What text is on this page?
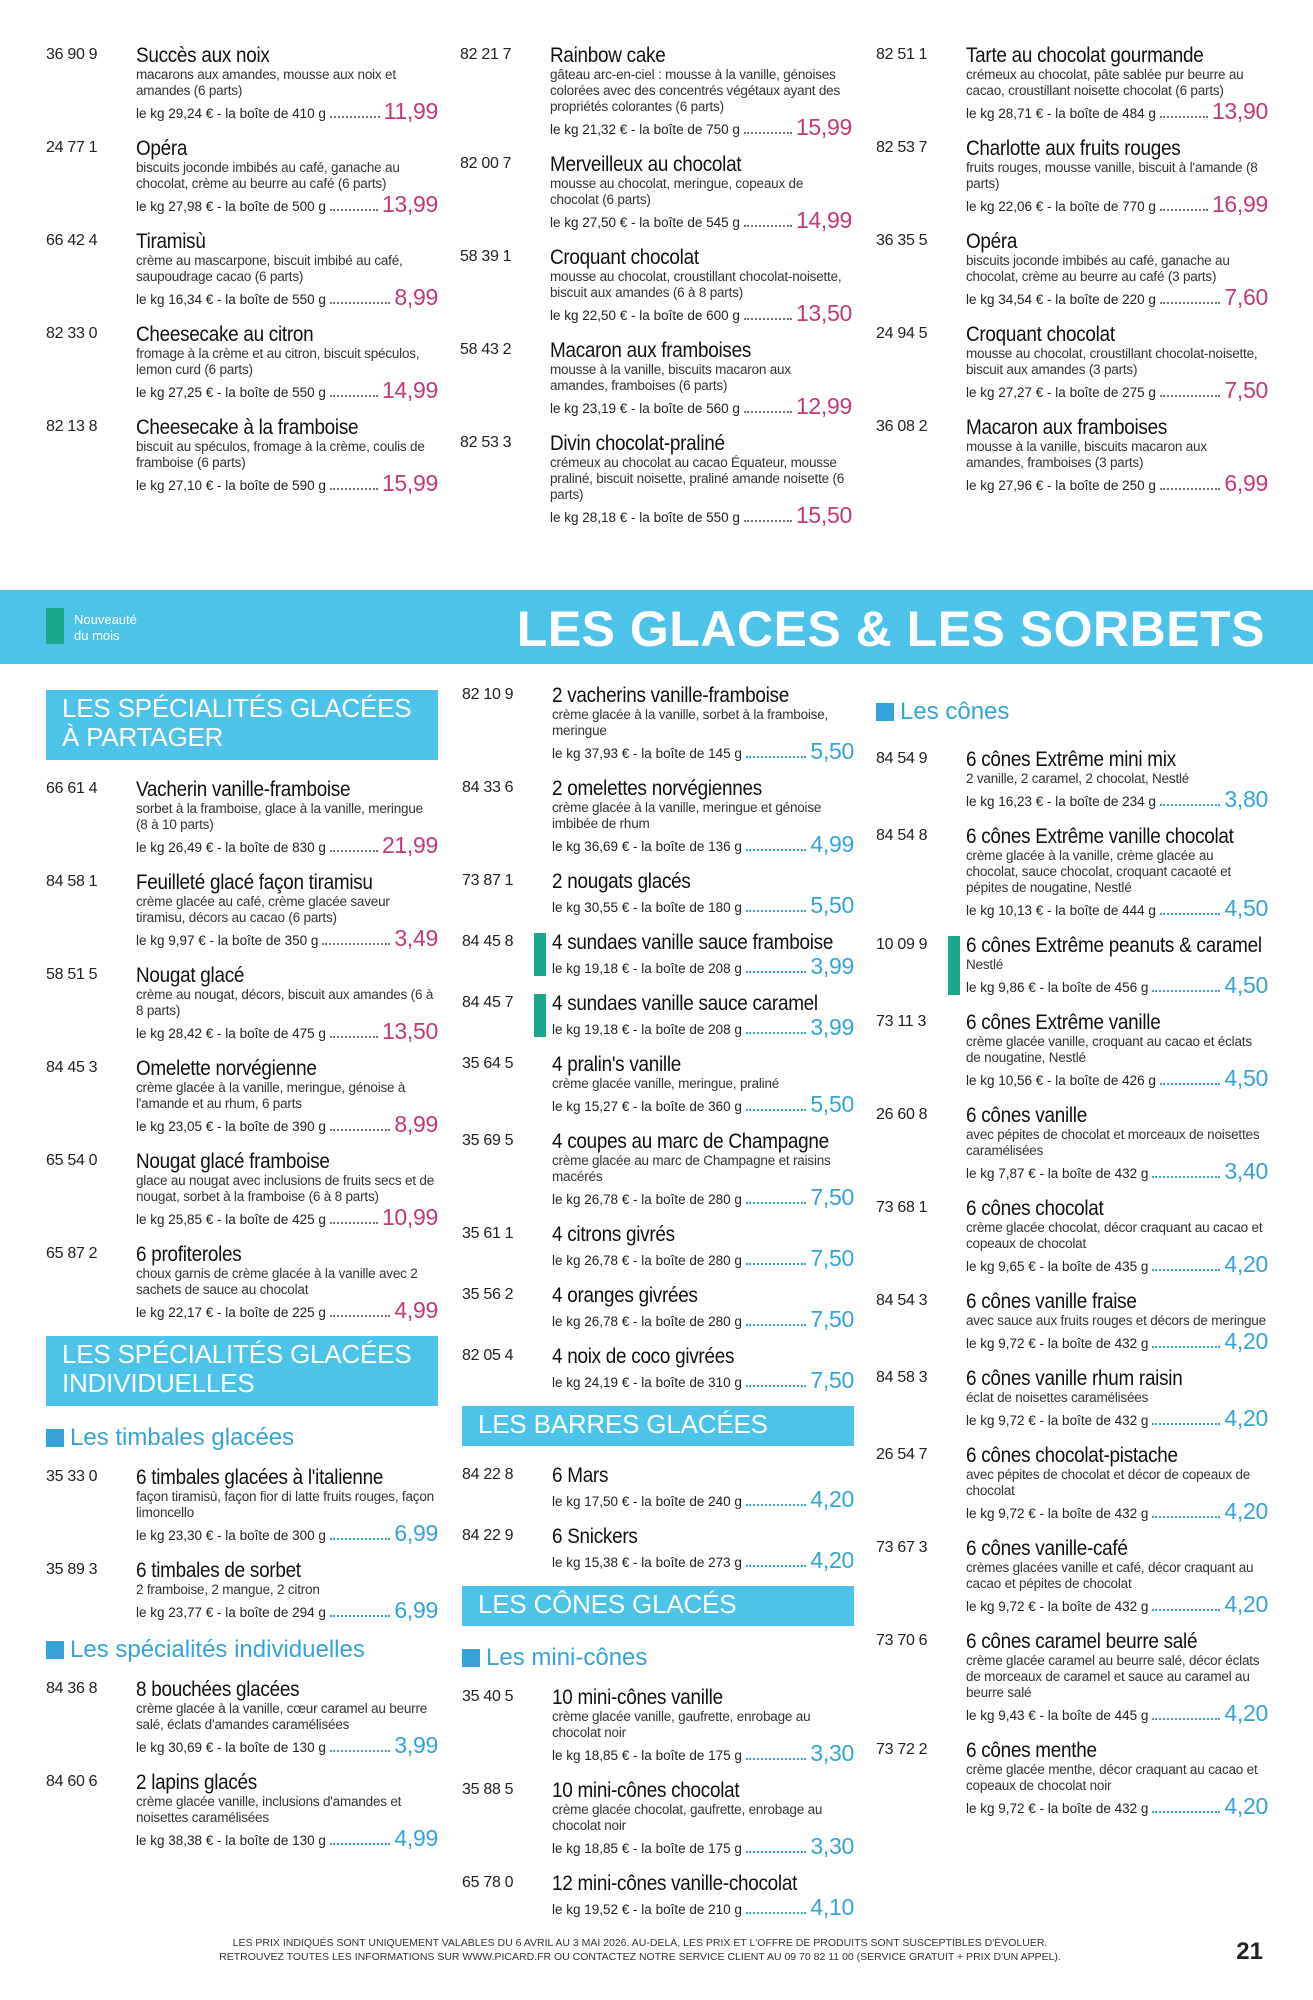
36 90 9 Succès aux noix
macarons aux amandes, mousse aux noix et amandes (6 parts)
le kg 29,24 € - la boîte de 410 g	11,99
24 77 1 Opéra
biscuits joconde imbibés au café, ganache au chocolat, crème au beurre au café (6 parts)
le kg 27,98 € - la boîte de 500 g 13,99
66 42 4 Tiramisù
crème au mascarpone, biscuit imbibé au café, saupoudrage cacao (6 parts)
le kg 16,34 € - la boîte de 550 g	8,99
82 33 0 Cheesecake au citron
fromage à la crème et au citron, biscuit spéculos, lemon curd (6 parts)
le kg 27,25 € - la boîte de 550 g 14,99
82 13 8 Cheesecake à la framboise
biscuit au spéculos, fromage à la crème, coulis de framboise (6 parts)
le kg 27,10 € - la boîte de 590 g 15,99
82 21 7 Rainbow cake
gâteau arc-en-ciel : mousse à la vanille, génoises colorées avec des concentrés végétaux ayant des propriétés colorantes (6 parts)
le kg 21,32 € - la boîte de 750 g 15,99
82 00 7 Merveilleux au chocolat
mousse au chocolat, meringue, copeaux de chocolat (6 parts)
le kg 27,50 € - la boîte de 545 g 14,99
58 39 1 Croquant chocolat
mousse au chocolat, croustillant chocolat-noisette, biscuit aux amandes (6 à 8 parts)
le kg 22,50 € - la boîte de 600 g 13,50
58 43 2 Macaron aux framboises
mousse à la vanille, biscuits macaron aux amandes, framboises (6 parts)
le kg 23,19 € - la boîte de 560 g 12,99
82 53 3 Divin chocolat-praliné
crémeux au chocolat au cacao Équateur, mousse praliné, biscuit noisette, praliné amande noisette (6 parts)
le kg 28,18 € - la boîte de 550 g 15,50
82 51 1 Tarte au chocolat gourmande
crémeux au chocolat, pâte sablée pur beurre au cacao, croustillant noisette chocolat (6 parts)
le kg 28,71 € - la boîte de 484 g 13,90
82 53 7 Charlotte aux fruits rouges
fruits rouges, mousse vanille, biscuit à l'amande (8 parts)
le kg 22,06 € - la boîte de 770 g 16,99
36 35 5 Opéra
biscuits joconde imbibés au café, ganache au chocolat, crème au beurre au café (3 parts)
le kg 34,54 € - la boîte de 220 g	7,60
24 94 5 Croquant chocolat
mousse au chocolat, croustillant chocolat-noisette, biscuit aux amandes (3 parts)
le kg 27,27 € - la boîte de 275 g	7,50
36 08 2 Macaron aux framboises
mousse à la vanille, biscuits macaron aux amandes, framboises (3 parts)
le kg 27,96 € - la boîte de 250 g	6,99
Nouveauté du mois	LES GLACES & LES SORBETS
LES SPÉCIALITÉS GLACÉES À PARTAGER
66 61 4 Vacherin vanille-framboise
sorbet à la framboise, glace à la vanille, meringue (8 à 10 parts)
le kg 26,49 € - la boîte de 830 g 21,99
84 58 1 Feuilleté glacé façon tiramisu
crème glacée au café, crème glacée saveur tiramisu, décors au cacao (6 parts)
le kg 9,97 € - la boîte de 350 g	3,49
58 51 5 Nougat glacé
crème au nougat, décors, biscuit aux amandes (6 à 8 parts)
le kg 28,42 € - la boîte de 475 g 13,50
84 45 3 Omelette norvégienne
crème glacée à la vanille, meringue, génoise à l'amande et au rhum, 6 parts
le kg 23,05 € - la boîte de 390 g	8,99
65 54 0 Nougat glacé framboise
glace au nougat avec inclusions de fruits secs et de nougat, sorbet à la framboise (6 à 8 parts)
le kg 25,85 € - la boîte de 425 g 10,99
65 87 2 6 profiteroles
choux garnis de crème glacée à la vanille avec 2 sachets de sauce au chocolat
le kg 22,17 € - la boîte de 225 g	4,99
LES SPÉCIALITÉS GLACÉES INDIVIDUELLES
Les timbales glacées
35 33 0 6 timbales glacées à l'italienne
façon tiramisù, façon fior di latte fruits rouges, façon limoncello
le kg 23,30 € - la boîte de 300 g	6,99
35 89 3 6 timbales de sorbet
2 framboise, 2 mangue, 2 citron
le kg 23,77 € - la boîte de 294 g	6,99
Les spécialités individuelles
84 36 8 8 bouchées glacées
crème glacée à la vanille, cœur caramel au beurre salé, éclats d'amandes caramélisées
le kg 30,69 € - la boîte de 130 g	3,99
84 60 6 2 lapins glacés
crème glacée vanille, inclusions d'amandes et noisettes caramélisées
le kg 38,38 € - la boîte de 130 g	4,99
82 10 9 2 vacherins vanille-framboise
crème glacée à la vanille, sorbet à la framboise, meringue
le kg 37,93 € - la boîte de 145 g	5,50
84 33 6 2 omelettes norvégiennes
crème glacée à la vanille, meringue et génoise imbibée de rhum
le kg 36,69 € - la boîte de 136 g	4,99
73 87 1 2 nougats glacés
le kg 30,55 € - la boîte de 180 g	5,50
84 45 8 4 sundaes vanille sauce framboise
le kg 19,18 € - la boîte de 208 g	3,99
84 45 7 4 sundaes vanille sauce caramel
le kg 19,18 € - la boîte de 208 g	3,99
35 64 5 4 pralin's vanille
crème glacée vanille, meringue, praliné
le kg 15,27 € - la boîte de 360 g	5,50
35 69 5 4 coupes au marc de Champagne
crème glacée au marc de Champagne et raisins macérés
le kg 26,78 € - la boîte de 280 g	7,50
35 61 1 4 citrons givrés
le kg 26,78 € - la boîte de 280 g	7,50
35 56 2 4 oranges givrées
le kg 26,78 € - la boîte de 280 g	7,50
82 05 4 4 noix de coco givrées
le kg 24,19 € - la boîte de 310 g	7,50
LES BARRES GLACÉES
84 22 8 6 Mars
le kg 17,50 € - la boîte de 240 g	4,20
84 22 9 6 Snickers
le kg 15,38 € - la boîte de 273 g	4,20
LES CÔNES GLACÉS
Les mini-cônes
35 40 5 10 mini-cônes vanille
crème glacée vanille, gaufrette, enrobage au chocolat noir
le kg 18,85 € - la boîte de 175 g	3,30
35 88 5 10 mini-cônes chocolat
crème glacée chocolat, gaufrette, enrobage au chocolat noir
le kg 18,85 € - la boîte de 175 g	3,30
65 78 0 12 mini-cônes vanille-chocolat
le kg 19,52 € - la boîte de 210 g	4,10
Les cônes
84 54 9 6 cônes Extrême mini mix
2 vanille, 2 caramel, 2 chocolat, Nestlé
le kg 16,23 € - la boîte de 234 g	3,80
84 54 8 6 cônes Extrême vanille chocolat
crème glacée à la vanille, crème glacée au chocolat, sauce chocolat, croquant cacaoté et pépites de nougatine, Nestlé
le kg 10,13 € - la boîte de 444 g	4,50
10 09 9 6 cônes Extrême peanuts & caramel
Nestlé
le kg 9,86 € - la boîte de 456 g	4,50
73 11 3 6 cônes Extrême vanille
crème glacée vanille, croquant au cacao et éclats de nougatine, Nestlé
le kg 10,56 € - la boîte de 426 g	4,50
26 60 8 6 cônes vanille
avec pépites de chocolat et morceaux de noisettes caramélisées
le kg 7,87 € - la boîte de 432 g	3,40
73 68 1 6 cônes chocolat
crème glacée chocolat, décor craquant au cacao et copeaux de chocolat
le kg 9,65 € - la boîte de 435 g	4,20
84 54 3 6 cônes vanille fraise
avec sauce aux fruits rouges et décors de meringue
le kg 9,72 € - la boîte de 432 g	4,20
84 58 3 6 cônes vanille rhum raisin
éclat de noisettes caramélisées
le kg 9,72 € - la boîte de 432 g	4,20
26 54 7 6 cônes chocolat-pistache
avec pépites de chocolat et décor de copeaux de chocolat
le kg 9,72 € - la boîte de 432 g	4,20
73 67 3 6 cônes vanille-café
crèmes glacées vanille et café, décor craquant au cacao et pépites de chocolat
le kg 9,72 € - la boîte de 432 g	4,20
73 70 6 6 cônes caramel beurre salé
crème glacée caramel au beurre salé, décor éclats de morceaux de caramel et sauce au caramel au beurre salé
le kg 9,43 € - la boîte de 445 g	4,20
73 72 2 6 cônes menthe
crème glacée menthe, décor craquant au cacao et copeaux de chocolat noir
le kg 9,72 € - la boîte de 432 g	4,20
LES PRIX INDIQUÉS SONT UNIQUEMENT VALABLES DU 6 AVRIL AU 3 MAI 2026. AU-DELÀ, LES PRIX ET L'OFFRE DE PRODUITS SONT SUSCEPTIBLES D'ÉVOLUER.
RETROUVEZ TOUTES LES INFORMATIONS SUR WWW.PICARD.FR OU CONTACTEZ NOTRE SERVICE CLIENT AU 09 70 82 11 00 (SERVICE GRATUIT + PRIX D'UN APPEL).	21
